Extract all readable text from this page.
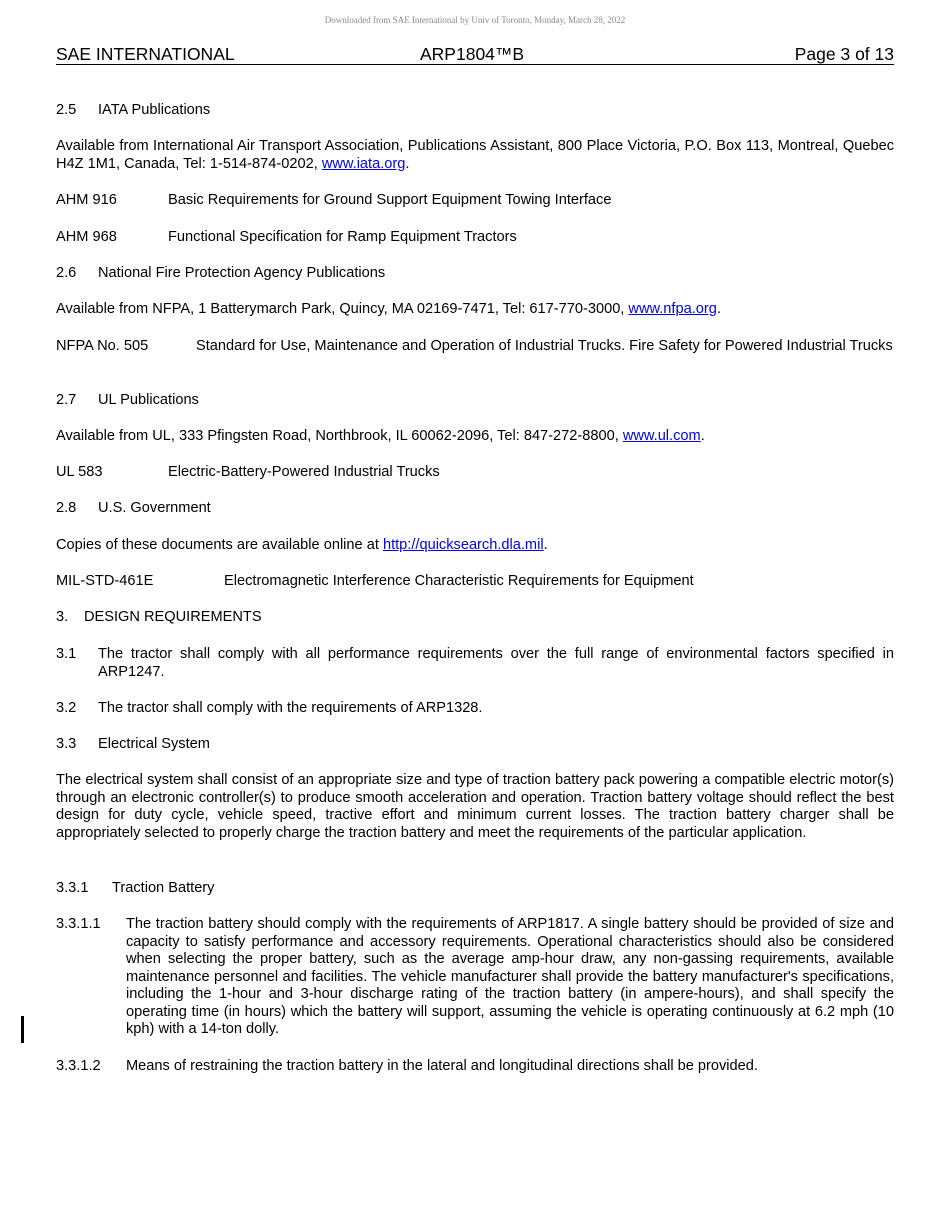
Downloaded from SAE International by Univ of Toronto, Monday, March 28, 2022
SAE INTERNATIONAL	ARP1804™B	Page 3 of 13
2.5 IATA Publications
Available from International Air Transport Association, Publications Assistant, 800 Place Victoria, P.O. Box 113, Montreal, Quebec H4Z 1M1, Canada, Tel: 1-514-874-0202, www.iata.org.
AHM 916	Basic Requirements for Ground Support Equipment Towing Interface
AHM 968	Functional Specification for Ramp Equipment Tractors
2.6 National Fire Protection Agency Publications
Available from NFPA, 1 Batterymarch Park, Quincy, MA 02169-7471, Tel: 617-770-3000, www.nfpa.org.
NFPA No. 505	Standard for Use, Maintenance and Operation of Industrial Trucks. Fire Safety for Powered Industrial Trucks
2.7 UL Publications
Available from UL, 333 Pfingsten Road, Northbrook, IL 60062-2096, Tel: 847-272-8800, www.ul.com.
UL 583	Electric-Battery-Powered Industrial Trucks
2.8 U.S. Government
Copies of these documents are available online at http://quicksearch.dla.mil.
MIL-STD-461E	Electromagnetic Interference Characteristic Requirements for Equipment
3. DESIGN REQUIREMENTS
3.1 The tractor shall comply with all performance requirements over the full range of environmental factors specified in ARP1247.
3.2 The tractor shall comply with the requirements of ARP1328.
3.3 Electrical System
The electrical system shall consist of an appropriate size and type of traction battery pack powering a compatible electric motor(s) through an electronic controller(s) to produce smooth acceleration and operation. Traction battery voltage should reflect the best design for duty cycle, vehicle speed, tractive effort and minimum current losses. The traction battery charger shall be appropriately selected to properly charge the traction battery and meet the requirements of the particular application.
3.3.1 Traction Battery
3.3.1.1 The traction battery should comply with the requirements of ARP1817. A single battery should be provided of size and capacity to satisfy performance and accessory requirements. Operational characteristics should also be considered when selecting the proper battery, such as the average amp-hour draw, any non-gassing requirements, available maintenance personnel and facilities. The vehicle manufacturer shall provide the battery manufacturer's specifications, including the 1-hour and 3-hour discharge rating of the traction battery (in ampere-hours), and shall specify the operating time (in hours) which the battery will support, assuming the vehicle is operating continuously at 6.2 mph (10 kph) with a 14-ton dolly.
3.3.1.2 Means of restraining the traction battery in the lateral and longitudinal directions shall be provided.
